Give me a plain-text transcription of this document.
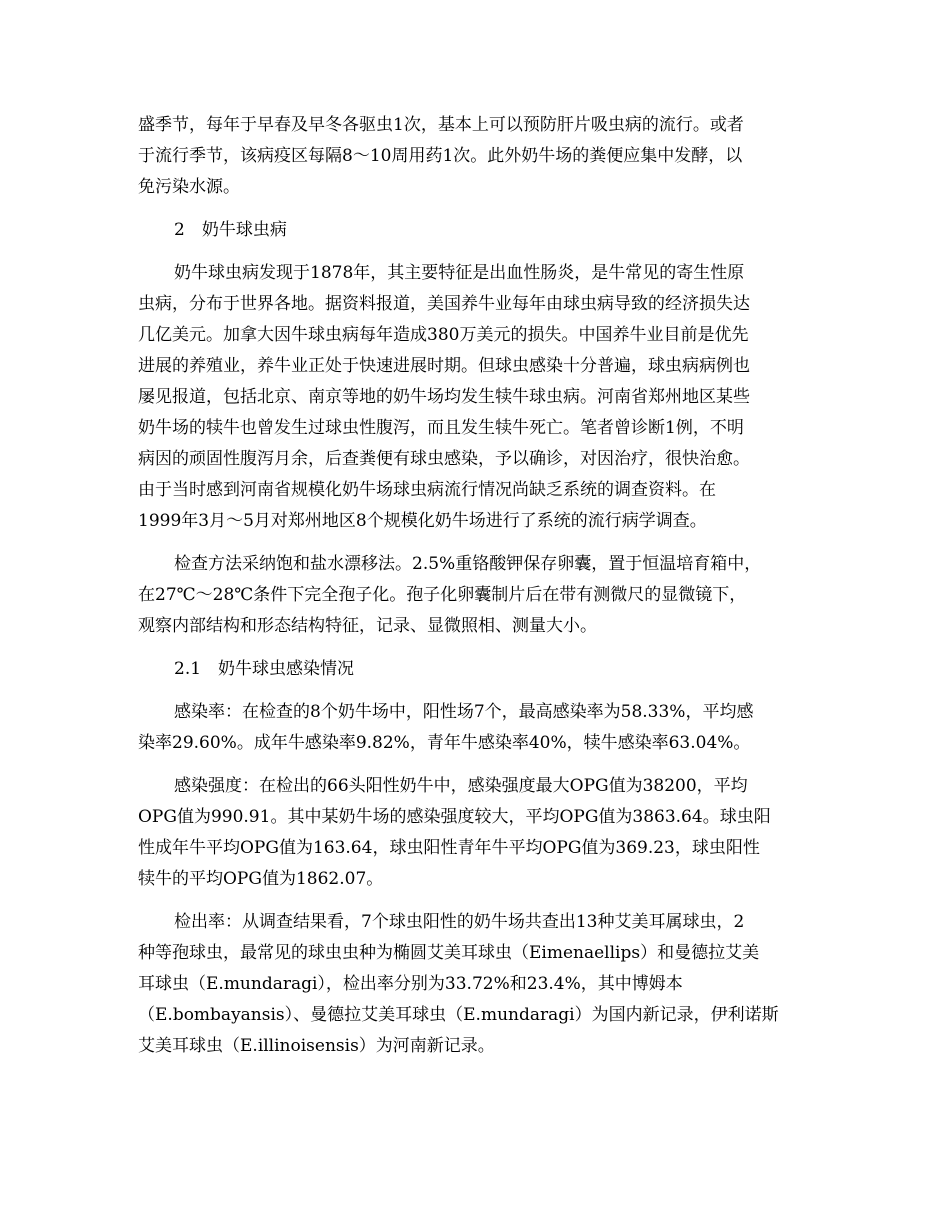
盛季节，每年于早春及早冬各驱虫1次，基本上可以预防肝片吸虫病的流行。或者
于流行季节，该病疫区每隔8～10周用药1次。此外奶牛场的粪便应集中发酵，以
免污染水源。
2　奶牛球虫病
奶牛球虫病发现于1878年，其主要特征是出血性肠炎，是牛常见的寄生性原
虫病，分布于世界各地。据资料报道，美国养牛业每年由球虫病导致的经济损失达
几亿美元。加拿大因牛球虫病每年造成380万美元的损失。中国养牛业目前是优先
进展的养殖业，养牛业正处于快速进展时期。但球虫感染十分普遍，球虫病病例也
屡见报道，包括北京、南京等地的奶牛场均发生犊牛球虫病。河南省郑州地区某些
奶牛场的犊牛也曾发生过球虫性腹泻，而且发生犊牛死亡。笔者曾诊断1例，不明
病因的顽固性腹泻月余，后查粪便有球虫感染，予以确诊，对因治疗，很快治愈。
由于当时感到河南省规模化奶牛场球虫病流行情况尚缺乏系统的调查资料。在
1999年3月～5月对郑州地区8个规模化奶牛场进行了系统的流行病学调查。
检查方法采纳饱和盐水漂移法。2.5%重铬酸钾保存卵囊，置于恒温培育箱中，
在27℃～28℃条件下完全孢子化。孢子化卵囊制片后在带有测微尺的显微镜下，
观察内部结构和形态结构特征，记录、显微照相、测量大小。
2.1　奶牛球虫感染情况
感染率：在检查的8个奶牛场中，阳性场7个，最高感染率为58.33%，平均感
染率29.60%。成年牛感染率9.82%，青年牛感染率40%，犊牛感染率63.04%。
感染强度：在检出的66头阳性奶牛中，感染强度最大OPG值为38200，平均
OPG值为990.91。其中某奶牛场的感染强度较大，平均OPG值为3863.64。球虫阳
性成年牛平均OPG值为163.64，球虫阳性青年牛平均OPG值为369.23，球虫阳性
犊牛的平均OPG值为1862.07。
检出率：从调查结果看，7个球虫阳性的奶牛场共查出13种艾美耳属球虫，2
种等孢球虫，最常见的球虫虫种为椭圆艾美耳球虫（Eimenaellips）和曼德拉艾美
耳球虫（E.mundaragi），检出率分别为33.72%和23.4%，其中博姆本
（E.bombayansis）、曼德拉艾美耳球虫（E.mundaragi）为国内新记录，伊利诺斯
艾美耳球虫（E.illinoisensis）为河南新记录。
